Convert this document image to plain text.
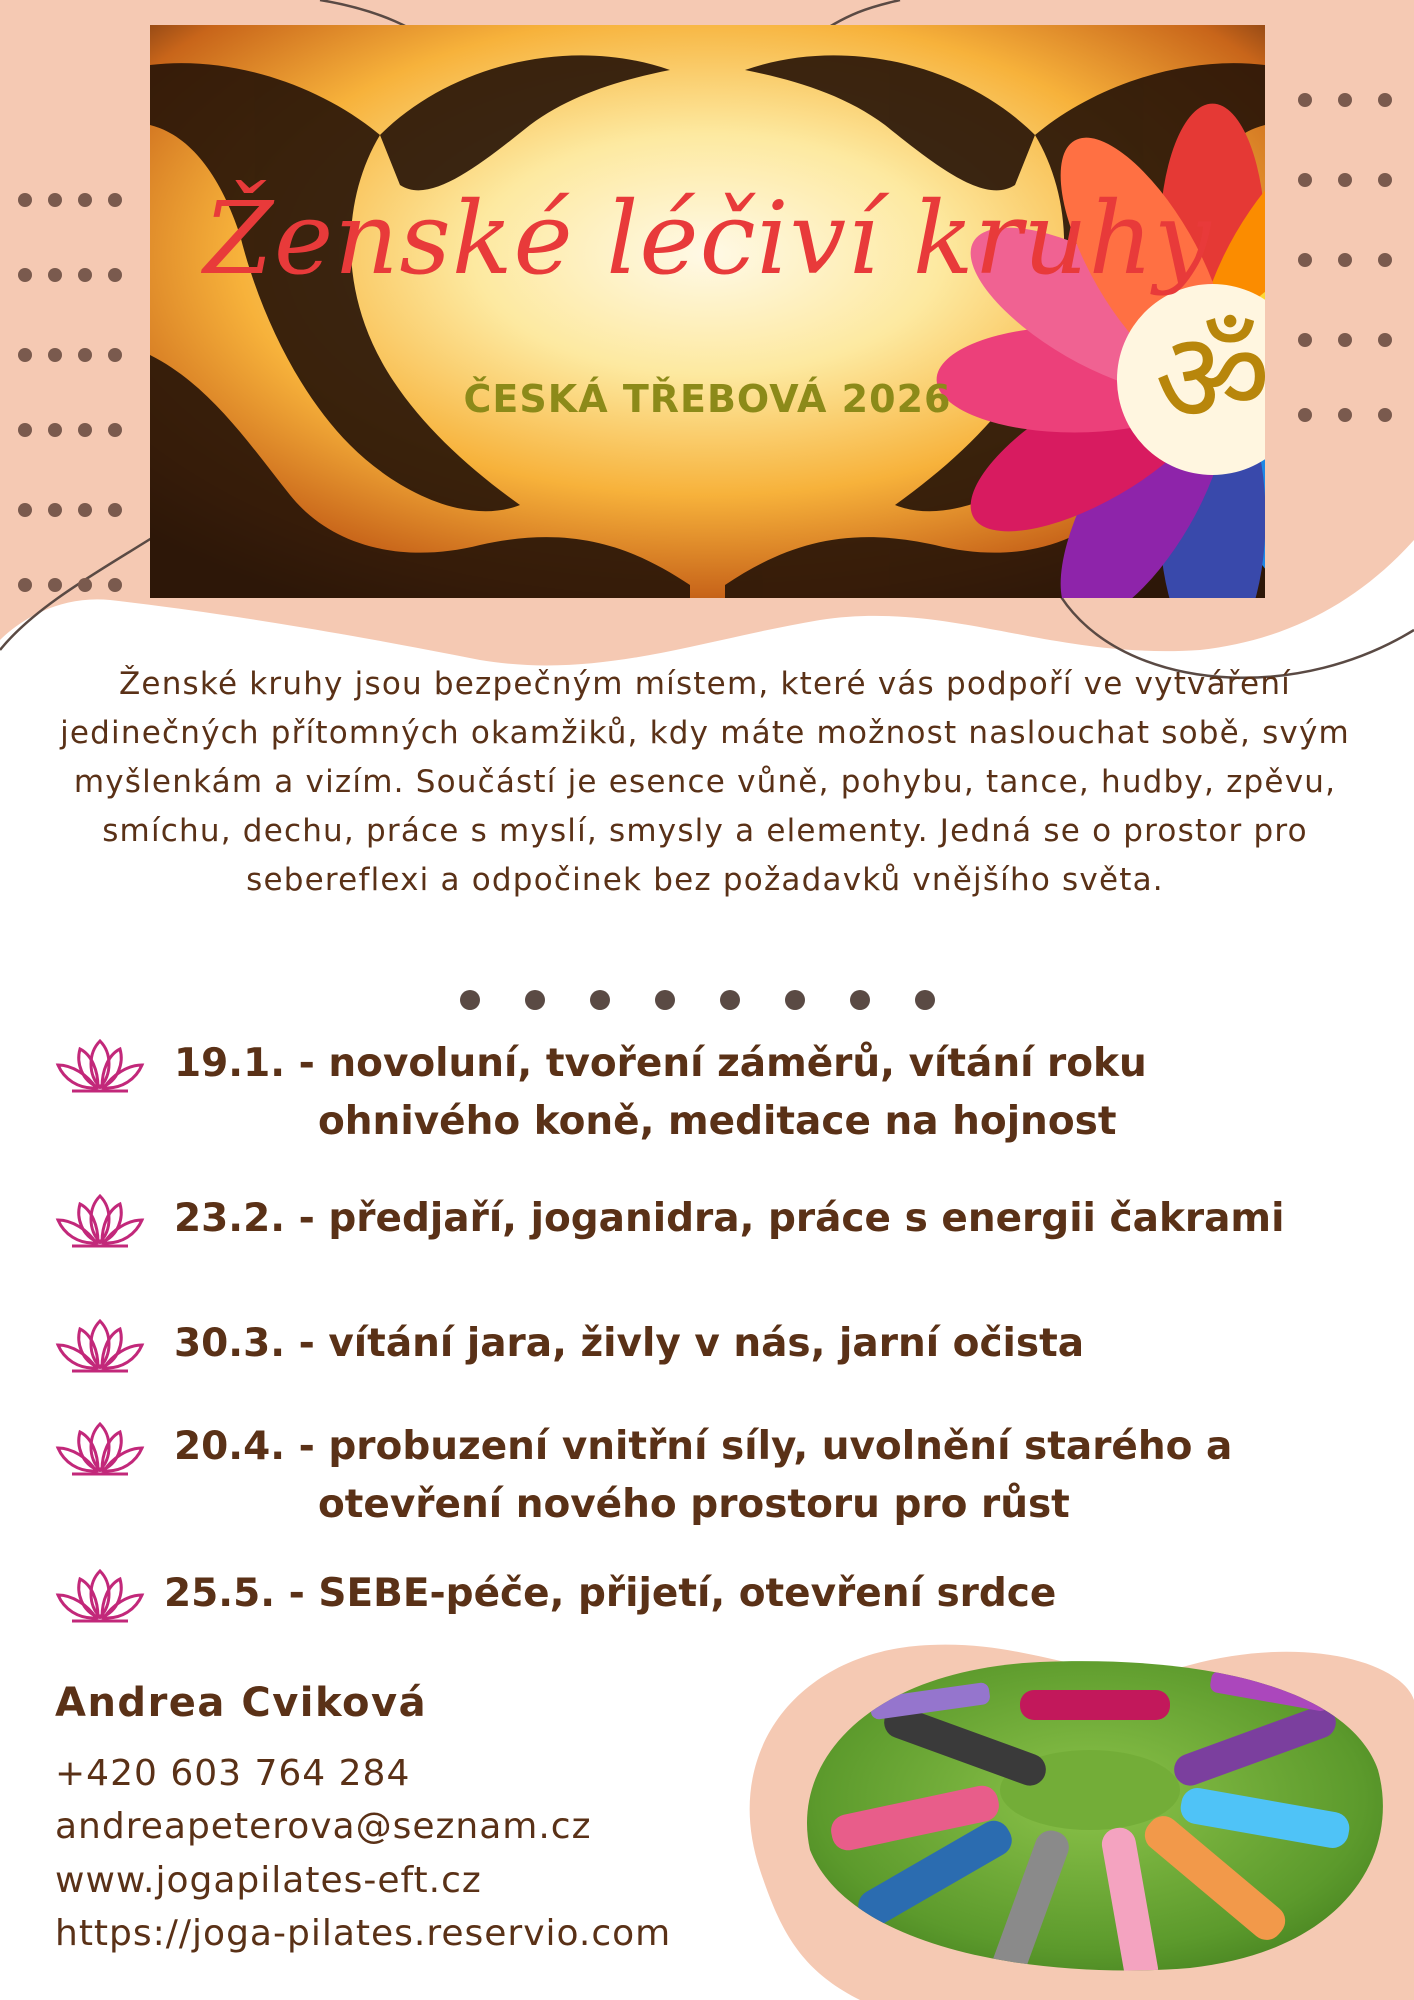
ॐ
Ženské léčiví kruhy
ČESKÁ TŘEBOVÁ 2026
Ženské kruhy jsou bezpečným místem, které vás podpoří ve vytváření jedinečných přítomných okamžiků, kdy máte možnost naslouchat sobě, svým myšlenkám a vizím. Součástí je esence vůně, pohybu, tance, hudby, zpěvu, smíchu, dechu, práce s myslí, smysly a elementy. Jedná se o prostor pro sebereflexi a odpočinek bez požadavků vnějšího světa.
19.1. - novoluní, tvoření záměrů, vítání roku
ohnivého koně, meditace na hojnost
23.2. - předjaří, joganidra, práce s energii čakrami
30.3. - vítání jara, živly v nás, jarní očista
20.4. - probuzení vnitřní síly, uvolnění starého a
otevření nového prostoru pro růst
25.5. - SEBE-péče, přijetí, otevření srdce
Andrea Cviková
+420 603 764 284
andreapeterova@seznam.cz
www.jogapilates-eft.cz
https://joga-pilates.reservio.com
